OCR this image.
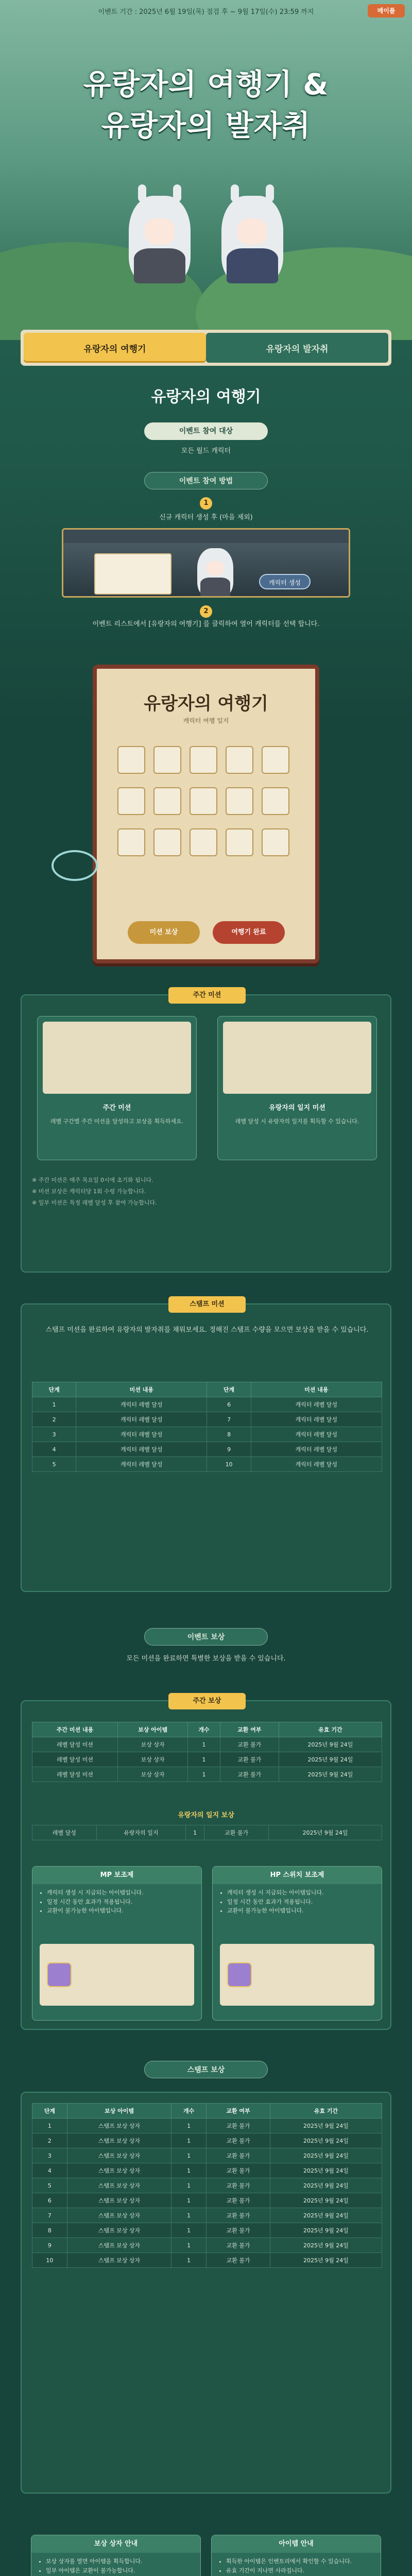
이벤트 기간 : 2025년 6월 19일(목) 점검 후 ~ 9월 17일(수) 23:59 까지	메이플
유랑자의 여행기 &
유랑자의 발자취
유랑자의 여행기	유랑자의 발자취
유랑자의 여행기
이벤트 참여 대상
모든 월드 캐릭터
이벤트 참여 방법
1
신규 캐릭터 생성 후 (마을 제외)
캐릭터 생성
2
이벤트 리스트에서 [유랑자의 여행기] 를 클릭하여 열어 캐릭터를 선택 합니다.
유랑자의 여행기
캐릭터 여행 일지
미션 보상	여행기 완료
주간 미션
주간 미션
레벨 구간별 주간 미션을 달성하고 보상을 획득하세요.
유랑자의 일지 미션
레벨 달성 시 유랑자의 일지를 획득할 수 있습니다.
※ 주간 미션은 매주 목요일 0시에 초기화 됩니다.
※ 미션 보상은 캐릭터당 1회 수령 가능합니다.
※ 일부 미션은 특정 레벨 달성 후 참여 가능합니다.
스탬프 미션
스탬프 미션을 완료하여 유랑자의 발자취를 채워보세요. 정해진 스탬프 수량을 모으면 보상을 받을 수 있습니다.
단계	미션 내용	단계	미션 내용
1	캐릭터 레벨 달성	6	캐릭터 레벨 달성
2	캐릭터 레벨 달성	7	캐릭터 레벨 달성
3	캐릭터 레벨 달성	8	캐릭터 레벨 달성
4	캐릭터 레벨 달성	9	캐릭터 레벨 달성
5	캐릭터 레벨 달성	10	캐릭터 레벨 달성
이벤트 보상
모든 미션을 완료하면 특별한 보상을 받을 수 있습니다.
주간 보상
주간 미션 내용	보상 아이템	개수	교환 여부	유효 기간
레벨 달성 미션	보상 상자	1	교환 불가	2025년 9월 24일
레벨 달성 미션	보상 상자	1	교환 불가	2025년 9월 24일
레벨 달성 미션	보상 상자	1	교환 불가	2025년 9월 24일
유랑자의 일지 보상
레벨 달성	유랑자의 일지	1	교환 불가	2025년 9월 24일
MP 보조제
• 캐릭터 생성 시 지급되는 아이템입니다.
• 일정 시간 동안 효과가 적용됩니다.
• 교환이 불가능한 아이템입니다.
HP 스위치 보조제
• 캐릭터 생성 시 지급되는 아이템입니다.
• 일정 시간 동안 효과가 적용됩니다.
• 교환이 불가능한 아이템입니다.
스탬프 보상
단계	보상 아이템	개수	교환 여부	유효 기간
1	스탬프 보상 상자	1	교환 불가	2025년 9월 24일
2	스탬프 보상 상자	1	교환 불가	2025년 9월 24일
3	스탬프 보상 상자	1	교환 불가	2025년 9월 24일
4	스탬프 보상 상자	1	교환 불가	2025년 9월 24일
5	스탬프 보상 상자	1	교환 불가	2025년 9월 24일
6	스탬프 보상 상자	1	교환 불가	2025년 9월 24일
7	스탬프 보상 상자	1	교환 불가	2025년 9월 24일
8	스탬프 보상 상자	1	교환 불가	2025년 9월 24일
9	스탬프 보상 상자	1	교환 불가	2025년 9월 24일
10	스탬프 보상 상자	1	교환 불가	2025년 9월 24일
보상 상자 안내
• 보상 상자를 열면 아이템을 획득합니다.
• 일부 아이템은 교환이 불가능합니다.
아이템 안내
• 획득한 아이템은 인벤토리에서 확인할 수 있습니다.
• 유효 기간이 지나면 사라집니다.
